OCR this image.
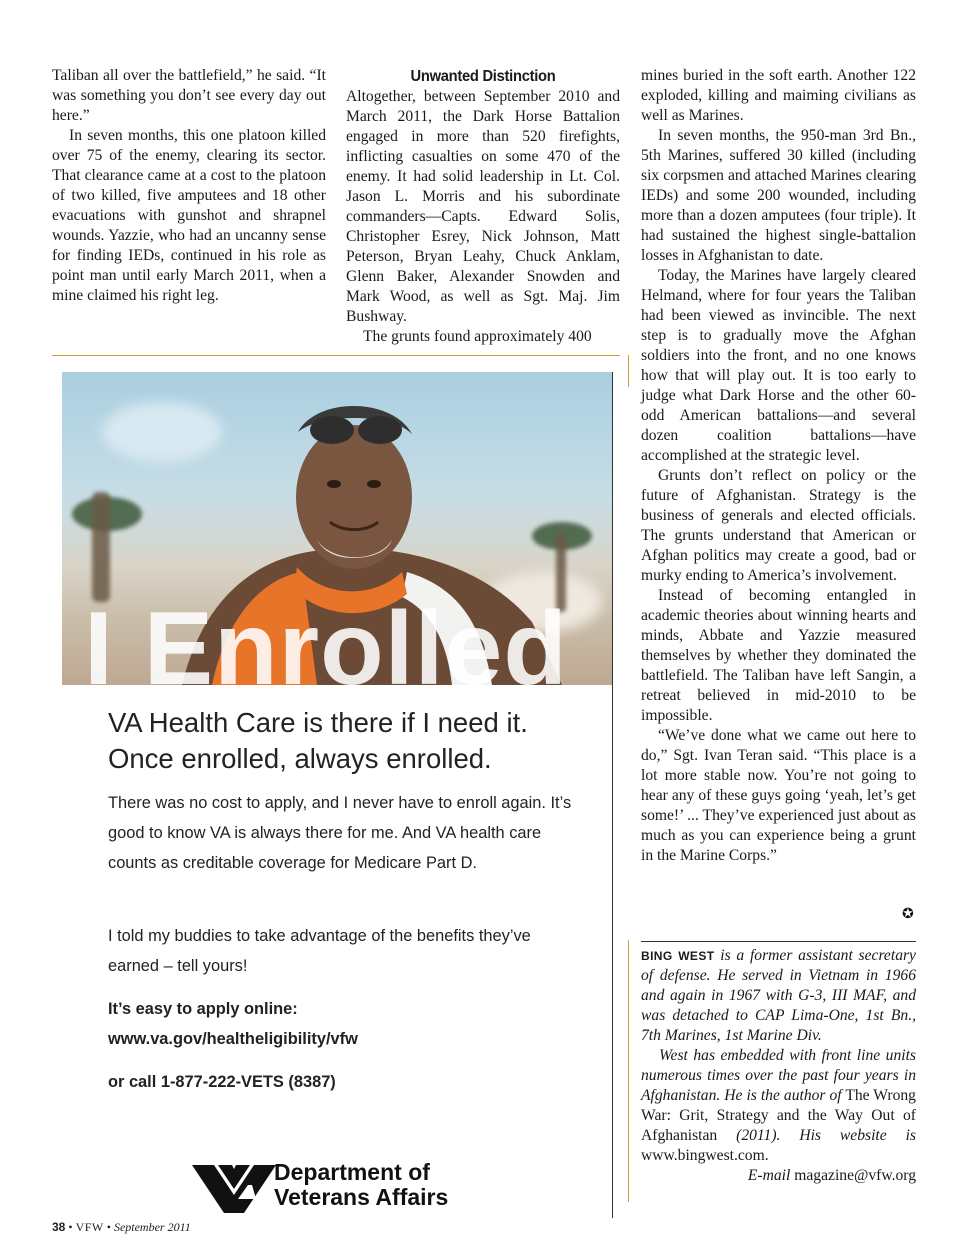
Taliban all over the battlefield,” he said. “It was something you don’t see every day out here.”

In seven months, this one platoon killed over 75 of the enemy, clearing its sector. That clearance came at a cost to the platoon of two killed, five amputees and 18 other evacuations with gunshot and shrapnel wounds. Yazzie, who had an uncanny sense for finding IEDs, continued in his role as point man until early March 2011, when a mine claimed his right leg.

Unwanted Distinction

Altogether, between September 2010 and March 2011, the Dark Horse Battalion engaged in more than 520 firefights, inflicting casualties on some 470 of the enemy. It had solid leadership in Lt. Col. Jason L. Morris and his subordinate commanders—Capts. Edward Solis, Christopher Esrey, Nick Johnson, Matt Peterson, Bryan Leahy, Chuck Anklam, Glenn Baker, Alexander Snowden and Mark Wood, as well as Sgt. Maj. Jim Bushway.

The grunts found approximately 400

mines buried in the soft earth. Another 122 exploded, killing and maiming civilians as well as Marines.

In seven months, the 950-man 3rd Bn., 5th Marines, suffered 30 killed (including six corpsmen and attached Marines clearing IEDs) and some 200 wounded, including more than a dozen amputees (four triple). It had sustained the highest single-battalion losses in Afghanistan to date.

Today, the Marines have largely cleared Helmand, where for four years the Taliban had been viewed as invincible. The next step is to gradually move the Afghan soldiers into the front, and no one knows how that will play out. It is too early to judge what Dark Horse and the other 60-odd American battalions—and several dozen coalition battalions—have accomplished at the strategic level.

Grunts don’t reflect on policy or the future of Afghanistan. Strategy is the business of generals and elected officials. The grunts understand that American or Afghan politics may create a good, bad or murky ending to America’s involvement.

Instead of becoming entangled in academic theories about winning hearts and minds, Abbate and Yazzie measured themselves by whether they dominated the battlefield. The Taliban have left Sangin, a retreat believed in mid-2010 to be impossible.

“We’ve done what we came out here to do,” Sgt. Ivan Teran said. “This place is a lot more stable now. You’re not going to hear any of these guys going ‘yeah, let’s get some!’ ... They’ve experienced just about as much as you can experience being a grunt in the Marine Corps.”

✪
I Enrolled
VA Health Care is there if I need it.
Once enrolled, always enrolled.
There was no cost to apply, and I never have to enroll again. It’s good to know VA is always there for me. And VA health care counts as creditable coverage for Medicare Part D.
I told my buddies to take advantage of the benefits they’ve earned – tell yours!
It’s easy to apply online:
www.va.gov/healtheligibility/vfw
or call 1-877-222-VETS (8387)
Department of
Veterans Affairs

BING WEST is a former assistant secretary of defense. He served in Vietnam in 1966 and again in 1967 with G-3, III MAF, and was detached to CAP Lima-One, 1st Bn., 7th Marines, 1st Marine Div.

West has embedded with front line units numerous times over the past four years in Afghanistan. He is the author of The Wrong War: Grit, Strategy and the Way Out of Afghanistan (2011). His website is www.bingwest.com.

E-mail magazine@vfw.org

38 • VFW • September 2011
